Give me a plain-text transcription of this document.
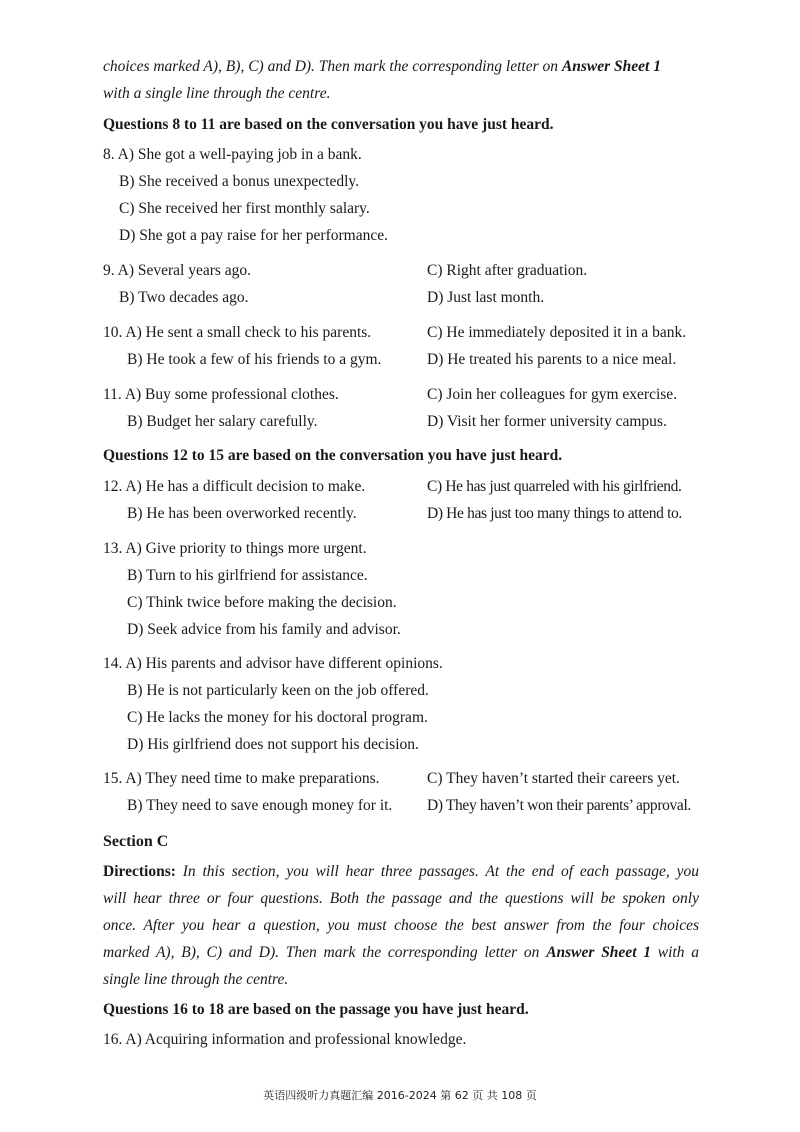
choices marked A), B), C) and D). Then mark the corresponding letter on Answer Sheet 1
with a single line through the centre.
Questions 8 to 11 are based on the conversation you have just heard.
8. A) She got a well-paying job in a bank.
B) She received a bonus unexpectedly.
C) She received her first monthly salary.
D) She got a pay raise for her performance.
9. A) Several years ago.	C) Right after graduation.
B) Two decades ago.	D) Just last month.
10. A) He sent a small check to his parents.	C) He immediately deposited it in a bank.
B) He took a few of his friends to a gym.	D) He treated his parents to a nice meal.
11. A) Buy some professional clothes.	C) Join her colleagues for gym exercise.
B) Budget her salary carefully.	D) Visit her former university campus.
Questions 12 to 15 are based on the conversation you have just heard.
12. A) He has a difficult decision to make.	C) He has just quarreled with his girlfriend.
B) He has been overworked recently.	D) He has just too many things to attend to.
13. A) Give priority to things more urgent.
B) Turn to his girlfriend for assistance.
C) Think twice before making the decision.
D) Seek advice from his family and advisor.
14. A) His parents and advisor have different opinions.
B) He is not particularly keen on the job offered.
C) He lacks the money for his doctoral program.
D) His girlfriend does not support his decision.
15. A) They need time to make preparations.	C) They haven’t started their careers yet.
B) They need to save enough money for it. D) They haven’t won their parents’ approval.
Section C
Directions: In this section, you will hear three passages. At the end of each passage, you
will hear three or four questions. Both the passage and the questions will be spoken only
once. After you hear a question, you must choose the best answer from the four choices
marked A), B), C) and D). Then mark the corresponding letter on Answer Sheet 1 with a
single line through the centre.
Questions 16 to 18 are based on the passage you have just heard.
16. A) Acquiring information and professional knowledge.
英语四级听力真题汇编 2016-2024 第 62 页 共 108 页
